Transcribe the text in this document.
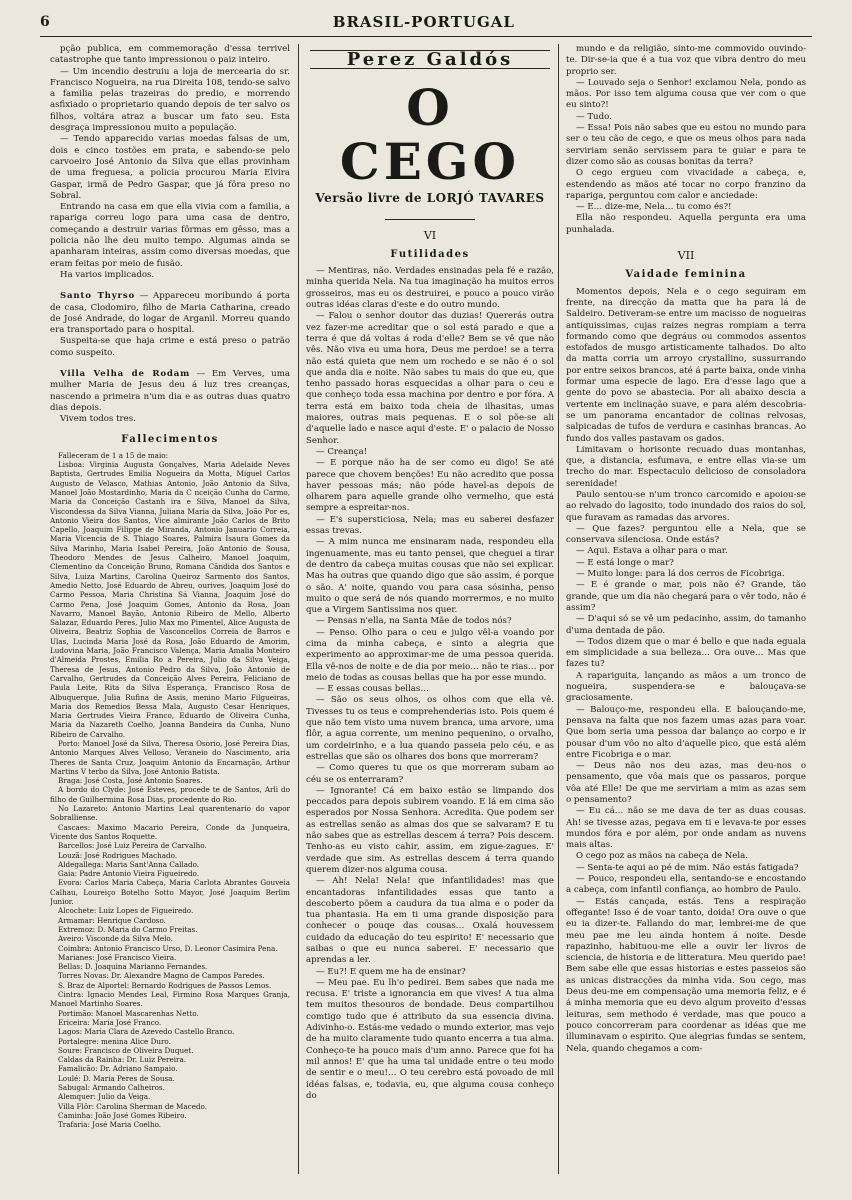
6	BRASIL-PORTUGAL

pção publica, em commemoração d'essa terrivel catastrophe que tanto impressionou o paiz inteiro.

— Um incendio destruiu a loja de mercearia do sr. Francisco Nogueira, na rua Direita 108, tendo-se salvo a familia pelas trazeiras do predio, e morrendo asfixiado o proprietario quando depois de ter salvo os filhos, voltára atraz a buscar um fato seu. Esta desgraça impressionou muito a população.

— Tendo apparecido varias moedas falsas de um, dois e cinco tostões em prata, e sabendo-se pelo carvoeiro José Antonio da Silva que ellas provinham de uma freguesa, a policia procurou Maria Elvira Gaspar, irmã de Pedro Gaspar, que já fôra preso no Sobral.

Entrando na casa em que ella vivia com a familia, a rapariga correu logo para uma casa de dentro, começando a destruir varias fôrmas em gêsso, mas a policia não lhe deu muito tempo. Algumas ainda se apanharam inteiras, assim como diversas moedas, que eram feitas por meio de fusão.

Ha varios implicados.

Santo Thyrso — Appareceu moribundo á porta de casa, Clodomiro, filho de Maria Catharina, creado de José Andrade, do logar de Arganil. Morreu quando era transportado para o hospital.

Suspeita-se que haja crime e está preso o patrão como suspeito.

Villa Velha de Rodam — Em Verves, uma mulher Maria de Jesus deu á luz tres creanças, nascendo a primeira n'um dia e as outras duas quatro dias depois.

Vivem todos tres.

Fallecimentos

Falleceram de 1 a 15 de maio:

Lisboa: Virginia Augusta Gonçalves, Maria Adelaide Neves Baptista, Gertrudes Emilia Nogueira da Motta, Miguel Carlos Augusto de Velasco, Mathias Antonio, João Antonio da Silva, Manoel João Mostardinho, Maria da C nceição Cunha do Carmo, Maria da Conceição Castanh ira e Silva, Manoel da Silva, Viscondessa da Silva Vianna, Juliana Maria da Silva, João Por es, Antonio Vieira dos Santos, Vice almirante João Carlos de Brito Capello, Joaquim Filippe de Miranda, Antonio Januario Correia, Maria Vicencia de S. Thiago Soares, Palmira Isaura Gomes da Silva Marinho, Maria Isabel Pereira, João Antonio de Sousa, Theodoro Mendes de Jesus Calheiro, Manoel Joaquim, Clementino da Conceição Bruno, Romana Cândida dos Santos e Silva, Luiza Martins, Carolina Queiroz Sarmento dos Santos, Amedio Netto, José Eduardo de Abreu, ourives, Joaquim José do Carmo Pessoa, Maria Christina Sá Vianna, Joaquim José do Carmo Pena, José Joaquim Gomes, Antonio da Rosa, Joan Navarro, Manoel Bayão, Antonio Ribeiro de Mello, Alberto Salazar, Eduardo Peres, Julio Max mo Pimentel, Alice Augusta de Oliveira, Beatriz Sophia de Vasconcellos Correia de Barros e Ulas, Lucinda Maria José da Rosa, João Eduardo de Amorim, Ludovina Maria, João Francisco Valença, Maria Amalia Monteiro d'Almeida Prostes, Emilia Ro a Pereira, Julio da Silva Veiga, Theresa de Jesus, Antonio Pedro da Silva, João Antonio de Carvalho, Gertrudes da Conceição Alves Pereira, Feliciano de Paula Leite, Rita da Silva Esperança, Francisco Rosa de Albuquerque, Julia Rufina de Assis, menino Mario Filgueiras, Maria dos Remedios Bessa Mala, Augusto Cesar Henriques, Maria Gertrudes Vieira Franco, Eduardo de Oliveira Cunha, Maria da Nazareth Coelho, Joanna Bandeira da Cunha, Nuno Ribeiro de Carvalho.

Porto: Manoel José da Silva, Theresa Osorio, José Pereira Dias, Antonio Marques Alves Velloso, Veraneio do Nascimento, aria Theres de Santa Cruz, Joaquim Antonio da Encarnação, Arthur Martins V terbo da Silva, José Antonio Batista.

Braga: José Costa, José Antonio Soares.

A bordo do Clyde: José Esteves, procede te de Santos, Arli do filho de Guilhermina Rosa Dias, procedente do Rio.

No Lazareto: Antonio Martins Leal quarentenario do vapor Sobralliense.

Cascaes: Maximo Macario Pereira, Conde da Junqueira, Vicente dos Santos Roquette.

Barcellos: José Luiz Pereira de Carvalho.

Louzã: José Rodrigues Machado.

Aldegallega: Maria Sant'Anna Callado.

Gaia: Padre Antonio Vieira Figueiredo.

Evora: Carlos Maria Cabeça, Maria Carlota Abrantes Gouveia Calhau, Loureiço Botelho Sotto Mayor, José Joaquim Berlim Junior.

Alcochete: Luiz Lopes de Figueiredo.

Armamar: Henrique Cardoso.

Extremoz: D. Maria do Carmo Freitas.

Aveiro: Visconde da Silva Melo.

Coimbra: Antonio Francisco Urso, D. Leonor Casimira Pena.

Marianes: José Francisco Vieira.

Bellas: D. Joaquina Marianno Fernandes.

Torres Novas: Dr. Alexandre Magno de Campos Paredes.

S. Braz de Alportel: Bernardo Rodrigues de Passos Lemos.

Cintra: Ignacio Mendes Leal, Firmino Rosa Marques Granja, Manoel Martinho Soares.

Portimão: Manoel Mascarenhas Netto.

Ericeira: Maria José Franco.

Lagos: Maria Clara de Azevedo Castello Branco.

Portalegre: menina Alice Duro.

Soure: Francisco de Oliveira Duquet.

Caldas da Rainha: Dr. Luiz Pereira.

Famalicão: Dr. Adriano Sampaio.

Loulé: D. Maria Peres de Sousa.

Sabugal: Armando Calheiros.

Alemquer: Julio da Veiga.

Villa Flôr: Carolina Sherman de Macedo.

Caminha: João José Gomes Ribeiro.

Trafaria: José Maria Coelho.

Perez Galdós
O CEGO
Versão livre de LORJÓ TAVARES
VI
Futilidades

— Mentiras, não. Verdades ensinadas pela fé e razão, minha querida Nela. Na tua imaginação ha muitos erros grosseiros, mas eu os destruirei, e pouco a pouco virão outras idéas claras d'este e do outro mundo.

— Falou o senhor doutor das duzias! Quererás outra vez fazer-me acreditar que o sol está parado e que a terra é que dá voltas á roda d'elle? Bem se vê que não vês. Não viva eu uma hora, Deus me perdoe! se a terra não está quieta que nem um rochedo e se não é o sol que anda dia e noite. Não sabes tu mais do que eu, que tenho passado horas esquecidas a olhar para o ceu e que conheço toda essa machina por dentro e por fóra. A terra está em baixo toda cheia de ilhasitas, umas maiores, outras mais pequenas. E o sol põe-se ali d'aquelle lado e nasce aqui d'este. E' o palacio de Nosso Senhor.

— Creança!

— E porque não ha de ser como eu digo! Se até parece que chovem benções! Eu não acredito que possa haver pessoas más; não póde havel-as depois de olharem para aquelle grande olho vermelho, que está sempre a espreitar-nos.

— E's supersticiosa, Nela; mas eu saberei desfazer essas trevas.

— A mim nunca me ensinaram nada, respondeu ella ingenuamente, mas eu tanto pensei, que cheguei a tirar de dentro da cabeça muitas cousas que não sei explicar. Mas ha outras que quando digo que são assim, é porque o são. A' noite, quando vou para casa sósinha, penso muito o que será de nós quando morrermos, e no muito que a Virgem Santissima nos quer.

— Pensas n'ella, na Santa Mãe de todos nós?

— Penso. Olho para o ceu e julgo vêl-a voando por cima da minha cabeça, e sinto a alegria que experimento ao approximar-me de uma pessoa querida. Ella vê-nos de noite e de dia por meio… não te rias… por meio de todas as cousas bellas que ha por esse mundo.

— E essas cousas bellas…

— São os seus olhos, os olhos com que ella vê. Tivesses tu os teus e comprehenderias isto. Pois quem é que não tem visto uma nuvem branca, uma arvore, uma flôr, a agua corrente, um menino pequenino, o orvalho, um cordeirinho, e a lua quando passeia pelo céu, e as estrellas que são os olhares dos bons que morreram?

— Como queres tu que os que morreram subam ao céu se os enterraram?

— Ignorante! Cá em baixo estão se limpando dos peccados para depois subirem voando. E lá em cima são esperados por Nossa Senhora. Acredita. Que podem ser as estrellas senão as almas dos que se salvaram? E tu não sabes que as estrellas descem á terra? Pois descem. Tenho-as eu visto cahir, assim, em zigue-zagues. E' verdade que sim. As estrellas descem á terra quando querem dizer-nos alguma cousa.

— Ah! Nela! Nela! que infantilidades! mas que encantadoras infantilidades essas que tanto a descoberto põem a caudura da tua alma e o poder da tua phantasia. Ha em ti uma grande disposição para conhecer o pouqe das cousas… Oxalá houvessem cuidado da educação do teu espirito! E' necessario que saibas o que eu nunca saberei. E' necessario que aprendas a ler.

— Eu?! E quem me ha de ensinar?

— Meu pae. Eu lh'o pedirei. Bem sabes que nada me recusa. E' triste a ignorancia em que vives! A tua alma tem muitos thesouros de bondade. Deus compartilhou comtigo tudo que é attributo da sua essencia divina. Adivinho-o. Estás-me vedado o mundo exterior, mas vejo de ha muito claramente tudo quanto encerra a tua alma. Conheço-te ha pouco mais d'um anno. Parece que foi ha mil annos! E' que ha uma tal unidade entre o teu modo de sentir e o meu!… O teu cerebro está povoado de mil idéas falsas, e, todavia, eu, que alguma cousa conheço do

mundo e da religião, sinto-me commovido ouvindo-te. Dir-se-ia que é a tua voz que vibra dentro do meu proprio ser.

— Louvado seja o Senhor! exclamou Nela, pondo as mãos. Por isso tem alguma cousa que ver com o que eu sinto?!

— Tudo.

— Essa! Pois não sabes que eu estou no mundo para ser o teu cão de cego, e que os meus olhos para nada serviriam senão servissem para te guiar e para te dizer como são as cousas bonitas da terra?

O cego ergueu com vivacidade a cabeça, e, estendendo as mãos até tocar no corpo franzino da rapariga, perguntou com calor e anciedade:

— E… dize-me, Nela… tu como és?!

Ella não respondeu. Aquella pergunta era uma punhalada.

VII
Vaidade feminina

Momentos depois, Nela e o cego seguiram em frente, na direcção da matta que ha para lá de Saldeiro. Detiveram-se entre um macisso de nogueiras antiquissimas, cujas raizes negras rompiam a terra formando como que degráus ou commodos assentos estofados de musgo artisticamente talhados. Do alto da matta corria um arroyo crystallino, sussurrando por entre seixos brancos, até á parte baixa, onde vinha formar uma especie de lago. Era d'esse lago que a gente do povo se abastecia. Por ali abaixo descia a vertente em inclinação suave, e para além descobria-se um panorama encantador de colinas relvosas, salpicadas de tufos de verdura e casinhas brancas. Ao fundo dos valles pastavam os gados.

Limitavam o horisonte recuado duas montanhas, que, a distancia, esfumava, e entre ellas via-se um trecho do mar. Espectaculo delicioso de consoladora serenidade!

Paulo sentou-se n'um tronco carcomido e apoiou-se ao relvado do lagosito, todo inundado dos raios do sol, que furavam as ramadas das arvores.

— Que fazes? perguntou elle a Nela, que se conservava silenciosa. Onde estás?

— Aqui. Estava a olhar para o mar.

— E está longe o mar?

— Muito longe: para lá dos cerros de Ficobriga.

— E é grande o mar, pois não é? Grande, tão grande, que um dia não chegará para o vêr todo, não é assim?

— D'aqui só se vê um pedacinho, assim, do tamanho d'uma dentada de pão.

— Todos dizem que o mar é bello e que nada eguala em simplicidade a sua belleza… Ora ouve… Mas que fazes tu?

A rapariguita, lançando as mãos a um tronco de nogueira, suspendera-se e balouçava-se graciosamente.

— Balouço-me, respondeu ella. E balouçando-me, pensava na falta que nos fazem umas azas para voar. Que bom seria uma pessoa dar balanço ao corpo e ir pousar d'um vôo no alto d'aquelle pico, que está além entre Ficobriga e o mar.

— Deus não nos deu azas, mas deu-nos o pensamento, que vôa mais que os passaros, porque vôa até Elle! De que me serviriam a mim as azas sem o pensamento?

— Eu cá… não se me dava de ter as duas cousas. Ah! se tivesse azas, pegava em ti e levava-te por esses mundos fóra e por além, por onde andam as nuvens mais altas.

O cego poz as mãos na cabeça de Nela.

— Senta-te aqui ao pé de mim. Não estás fatigada?

— Pouco, respondeu ella, sentando-se e encostando a cabeça, com infantil confiança, ao hombro de Paulo.

— Estás cançada, estás. Tens a respiração offegante! Isso é de voar tanto, doida! Ora ouve o que eu ia dizer-te. Fallando do mar, lembrei-me de que meu pae me leu ainda hontem á noite. Desde rapazinho, habituou-me elle a ouvir ler livros de sciencia, de historia e de litteratura. Meu querido pae! Bem sabe elle que essas historias e estes passeios são as unicas distracções da minha vida. Sou cego, mas Deus deu-me em compensação uma memoria feliz, e é á minha memoria que eu devo algum proveito d'essas leituras, sem methodo é verdade, mas que pouco a pouco concorreram para coordenar as idéas que me illuminavam o espirito. Que alegrias fundas se sentem, Nela, quando chegamos a com-
